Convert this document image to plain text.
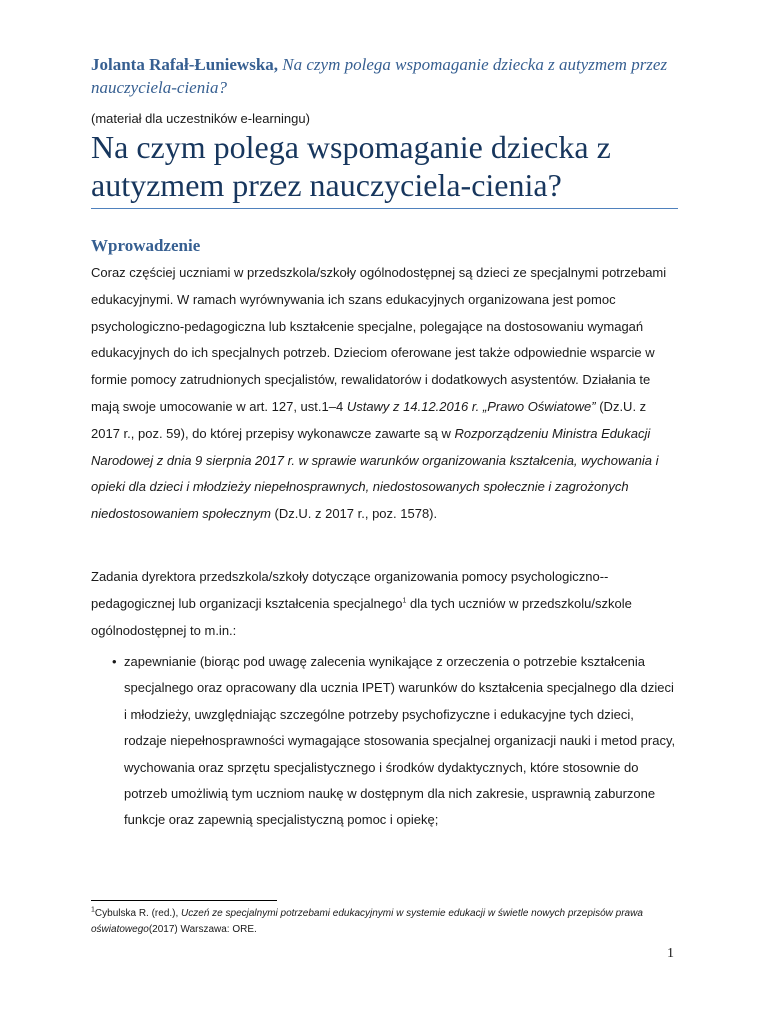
Jolanta Rafał-Łuniewska, Na czym polega wspomaganie dziecka z autyzmem przez nauczyciela-cienia?
(materiał dla uczestników e-learningu)
Na czym polega wspomaganie dziecka z autyzmem przez nauczyciela-cienia?
Wprowadzenie

Coraz częściej uczniami w przedszkola/szkoły ogólnodostępnej są dzieci ze specjalnymi potrzebami edukacyjnymi. W ramach wyrównywania ich szans edukacyjnych organizowana jest pomoc psychologiczno-pedagogiczna lub kształcenie specjalne, polegające na dostosowaniu wymagań edukacyjnych do ich specjalnych potrzeb. Dzieciom oferowane jest także odpowiednie wsparcie w formie pomocy zatrudnionych specjalistów, rewalidatorów i dodatkowych asystentów. Działania te mają swoje umocowanie w art. 127, ust.1–4 Ustawy z 14.12.2016 r. „Prawo Oświatowe” (Dz.U. z 2017 r., poz. 59), do której przepisy wykonawcze zawarte są w Rozporządzeniu Ministra Edukacji Narodowej z dnia 9 sierpnia 2017 r. w sprawie warunków organizowania kształcenia, wychowania i opieki dla dzieci i młodzieży niepełnosprawnych, niedostosowanych społecznie i zagrożonych niedostosowaniem społecznym (Dz.U. z 2017 r., poz. 1578).

Zadania dyrektora przedszkola/szkoły dotyczące organizowania pomocy psychologiczno--pedagogicznej lub organizacji kształcenia specjalnego$^1$ dla tych uczniów w przedszkolu/szkole ogólnodostępnej to m.in.:

• zapewnianie (biorąc pod uwagę zalecenia wynikające z orzeczenia o potrzebie kształcenia specjalnego oraz opracowany dla ucznia IPET) warunków do kształcenia specjalnego dla dzieci i młodzieży, uwzględniając szczególne potrzeby psychofizyczne i edukacyjne tych dzieci, rodzaje niepełnosprawności wymagające stosowania specjalnej organizacji nauki i metod pracy, wychowania oraz sprzętu specjalistycznego i środków dydaktycznych, które stosownie do potrzeb umożliwią tym uczniom naukę w dostępnym dla nich zakresie, usprawnią zaburzone funkcje oraz zapewnią specjalistyczną pomoc i opiekę;
$^1$Cybulska R. (red.), Uczeń ze specjalnymi potrzebami edukacyjnymi w systemie edukacji w świetle nowych przepisów prawa oświatowego(2017) Warszawa: ORE.
1
